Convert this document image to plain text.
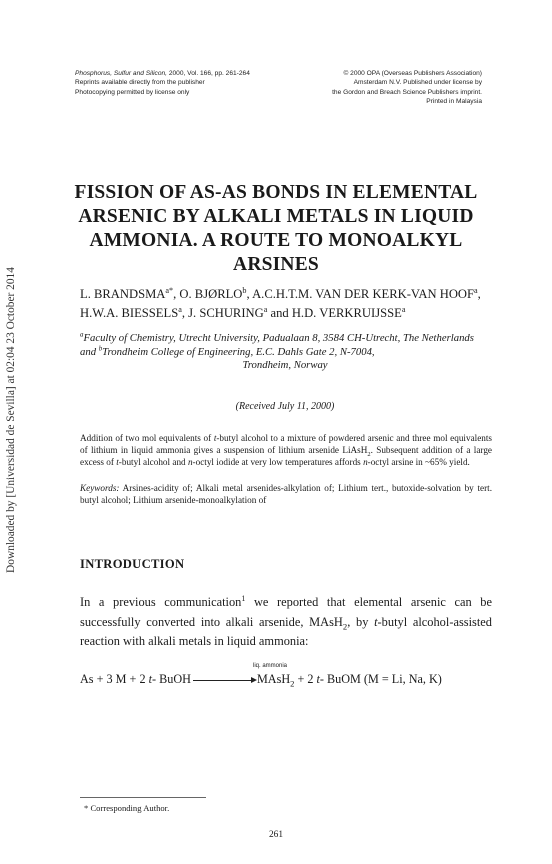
Downloaded by [Universidad de Sevilla] at 02:04 23 October 2014
Phosphorus, Sulfur and Silicon, 2000, Vol. 166, pp. 261-264
Reprints available directly from the publisher
Photocopying permitted by license only
© 2000 OPA (Overseas Publishers Association)
Amsterdam N.V. Published under license by
the Gordon and Breach Science Publishers imprint.
Printed in Malaysia
FISSION OF AS-AS BONDS IN ELEMENTAL ARSENIC BY ALKALI METALS IN LIQUID AMMONIA. A ROUTE TO MONOALKYL ARSINES
L. $BRANDSMA^{a*}$, O. BJØRLO$^b$, A.C.H.T.M. VAN DER KERK-VAN HOOF$^a$, H.W.A. BIESSELS$^a$, J. SCHURING$^a$ and H.D. VERKRUIJSSE$^a$
$^a$Faculty of Chemistry, Utrecht University, Padualaan 8, 3584 CH-Utrecht, The Netherlands and $^b$Trondheim College of Engineering, E.C. Dahls Gate 2, N-7004,
Trondheim, Norway
(Received July 11, 2000)
Addition of two mol equivalents of t-butyl alcohol to a mixture of powdered arsenic and three mol equivalents of lithium in liquid ammonia gives a suspension of lithium arsenide LiAsH$_2$. Subsequent addition of a large excess of t-butyl alcohol and n-octyl iodide at very low temperatures affords n-octyl arsine in ~65% yield.
Keywords: Arsines-acidity of; Alkali metal arsenides-alkylation of; Lithium tert., butoxide-solvation by tert. butyl alcohol; Lithium arsenide-monoalkylation of
INTRODUCTION
In a previous communication$^1$ we reported that elemental arsenic can be successfully converted into alkali arsenide, MAsH$_2$, by t-butyl alcohol-assisted reaction with alkali metals in liquid ammonia:
liq. ammonia
As + 3 M + 2 t- BuOH	MAsH$_2$ + 2 t- BuOM (M = Li, Na, K)
* Corresponding Author.
261
